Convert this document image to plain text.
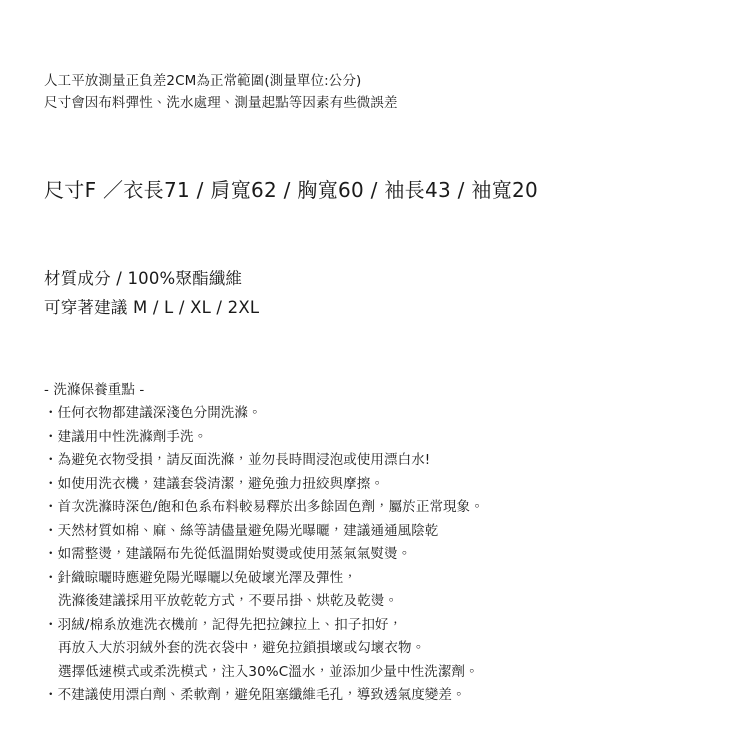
人工平放測量正負差2CM為正常範圍(測量單位:公分)
尺寸會因布料彈性、洗水處理、測量起點等因素有些微誤差
尺寸F ／衣長71 / 肩寬62 / 胸寬60 / 袖長43 / 袖寬20
材質成分 / 100%聚酯纖維
可穿著建議 M / L / XL / 2XL
- 洗滌保養重點 -
・任何衣物都建議深淺色分開洗滌。
・建議用中性洗滌劑手洗。
・為避免衣物受損，請反面洗滌，並勿長時間浸泡或使用漂白水!
・如使用洗衣機，建議套袋清潔，避免強力扭絞與摩擦。
・首次洗滌時深色/飽和色系布料較易釋於出多餘固色劑，屬於正常現象。
・天然材質如棉、麻、絲等請儘量避免陽光曝曬，建議通通風陰乾
・如需整燙，建議隔布先從低溫開始熨燙或使用蒸氣氣熨燙。
・針織晾曬時應避免陽光曝曬以免破壞光澤及彈性，
洗滌後建議採用平放乾乾方式，不要吊掛、烘乾及乾燙。
・羽絨/棉系放進洗衣機前，記得先把拉鍊拉上、扣子扣好，
再放入大於羽絨外套的洗衣袋中，避免拉鎖損壞或勾壞衣物。
選擇低速模式或柔洗模式，注入30%C溫水，並添加少量中性洗潔劑。
・不建議使用漂白劑、柔軟劑，避免阻塞纖維毛孔，導致透氣度變差。
